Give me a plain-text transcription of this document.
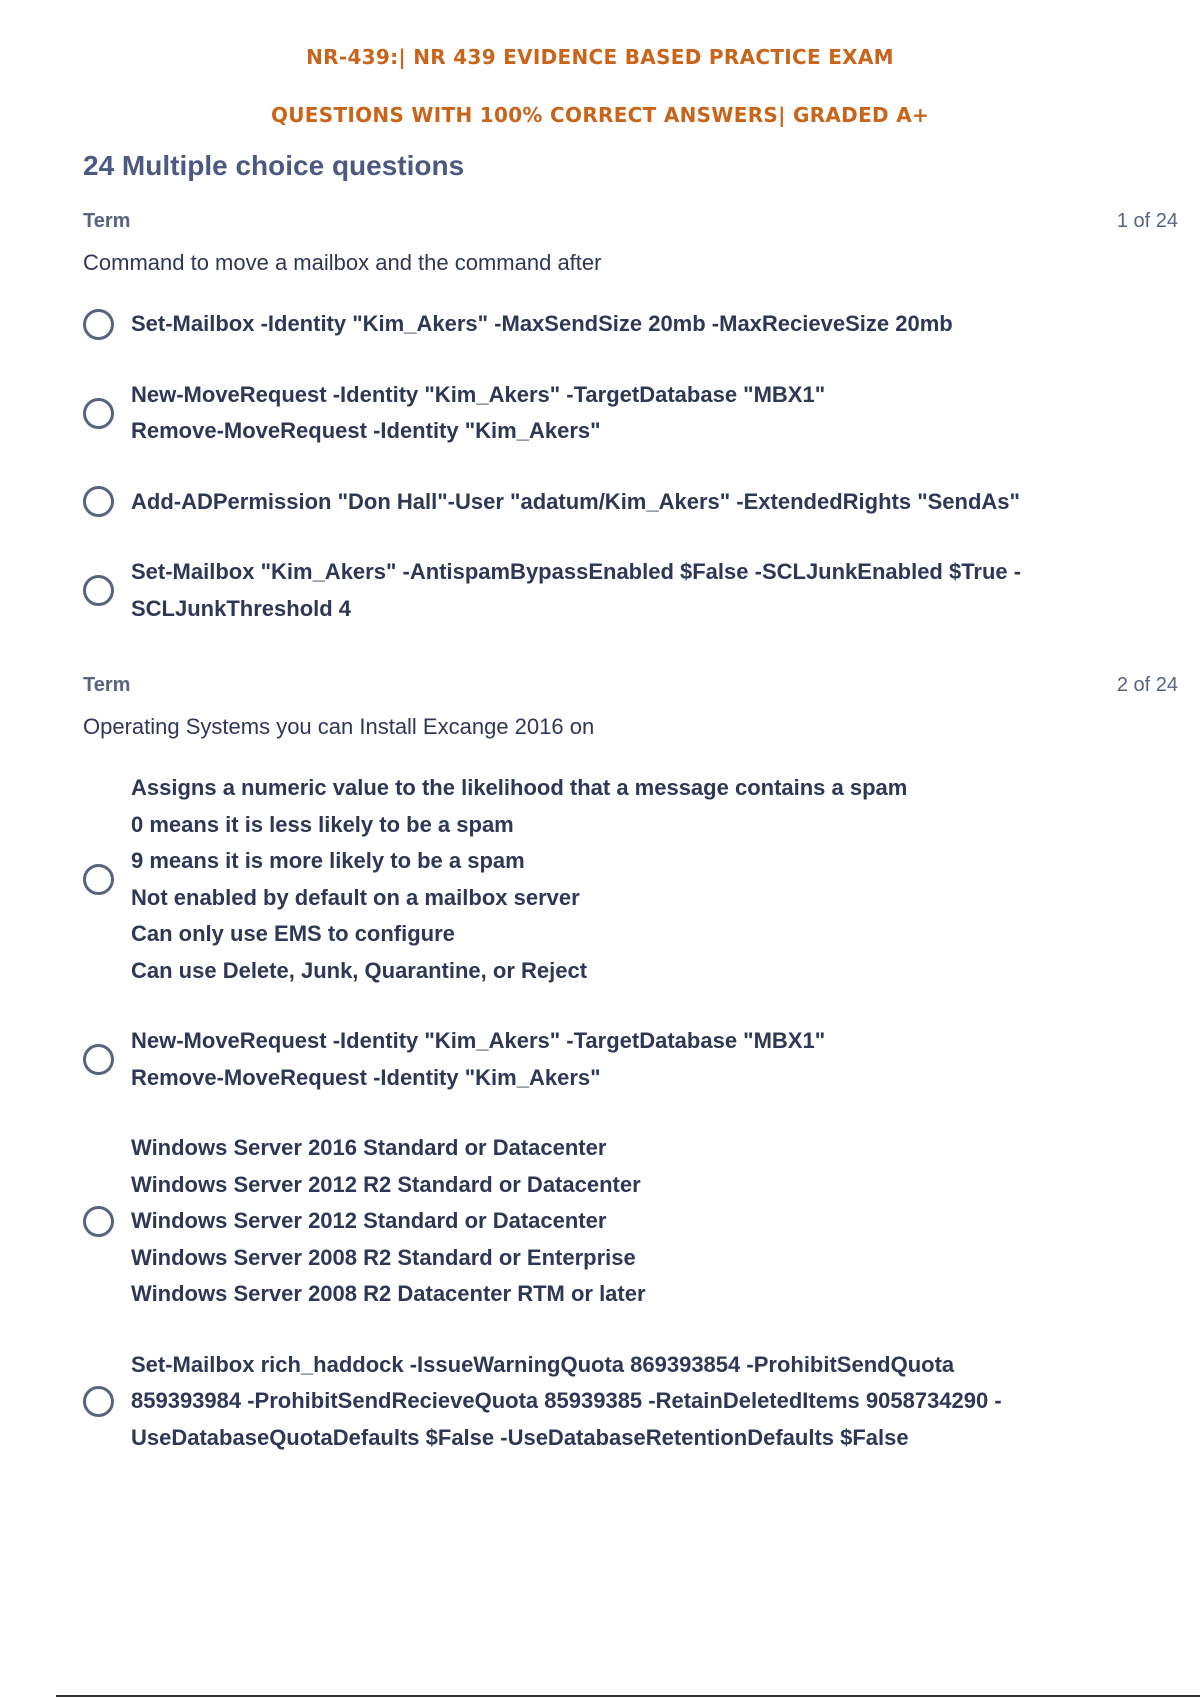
NR-439:| NR 439 EVIDENCE BASED PRACTICE EXAM
QUESTIONS WITH 100% CORRECT ANSWERS| GRADED A+
24 Multiple choice questions
Term	1 of 24
Command to move a mailbox and the command after
Set-Mailbox -Identity "Kim_Akers" -MaxSendSize 20mb -MaxRecieveSize 20mb
New-MoveRequest -Identity "Kim_Akers" -TargetDatabase "MBX1"
Remove-MoveRequest -Identity "Kim_Akers"
Add-ADPermission "Don Hall"-User "adatum/Kim_Akers" -ExtendedRights "SendAs"
Set-Mailbox "Kim_Akers" -AntispamBypassEnabled $False -SCLJunkEnabled $True -
SCLJunkThreshold 4
Term	2 of 24
Operating Systems you can Install Excange 2016 on
Assigns a numeric value to the likelihood that a message contains a spam
0 means it is less likely to be a spam
9 means it is more likely to be a spam
Not enabled by default on a mailbox server
Can only use EMS to configure
Can use Delete, Junk, Quarantine, or Reject
New-MoveRequest -Identity "Kim_Akers" -TargetDatabase "MBX1"
Remove-MoveRequest -Identity "Kim_Akers"
Windows Server 2016 Standard or Datacenter
Windows Server 2012 R2 Standard or Datacenter
Windows Server 2012 Standard or Datacenter
Windows Server 2008 R2 Standard or Enterprise
Windows Server 2008 R2 Datacenter RTM or later
Set-Mailbox rich_haddock -IssueWarningQuota 869393854 -ProhibitSendQuota
859393984 -ProhibitSendRecieveQuota 85939385 -RetainDeletedItems 9058734290 -
UseDatabaseQuotaDefaults $False -UseDatabaseRetentionDefaults $False
